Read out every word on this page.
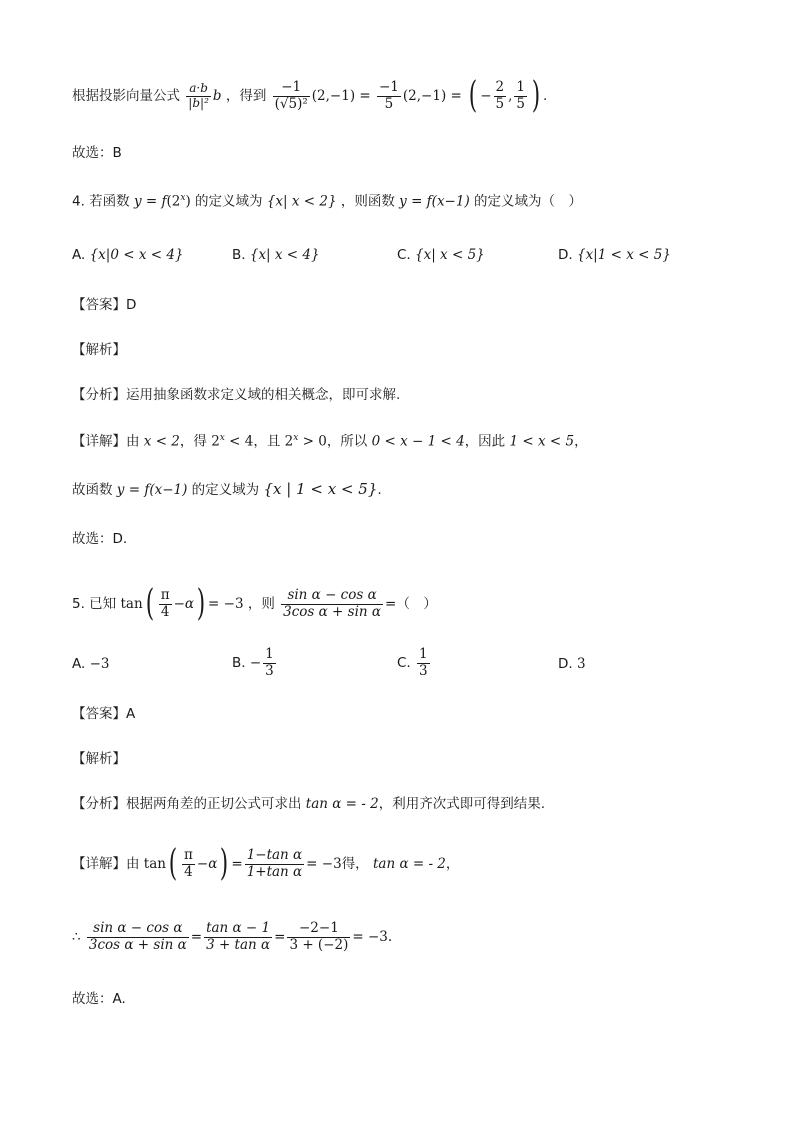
根据投影向量公式 $\frac{a\cdot b}{\text{|b|²}}$ b ，得到 $\frac{-1}{\text{(√5)²}} (2,-1) = \frac{-1}{5} (2,-1)$ = ( − $\frac{2}{5}$ , $\frac{1}{5}$ ) .
故选：B
4. 若函数 $y = f(2^x)$ 的定义域为 {x| x < 2} ，则函数 y = f(x−1) 的定义域为（　）
A. {x|0 < x < 4}	B. {x| x < 4}	C. {x| x < 5}	D. {x|1 < x < 5}
【答案】D
【解析】
【分析】运用抽象函数求定义域的相关概念，即可求解.
【详解】由 x < 2，得 $2^x < 4$，且 $2^x > 0$，所以 0 < x − 1 < 4，因此 1 < x < 5，
故函数 y = f(x−1) 的定义域为 {x | 1 < x < 5}.
故选：D.
5. 已知 $\tan( \frac{\pi}{4} -\alpha) = -3$ ，则 $\frac{\text{sin α − cos α}}{\text{3cos α + sin α}}$ =（　）
A. −3	B. − $\frac{1}{3}$	C. $\frac{1}{3}$	D. 3
【答案】A
【解析】
【分析】根据两角差的正切公式可求出 tan α = - 2，利用齐次式即可得到结果.
【详解】由 $\tan( \frac{\pi}{4} -\alpha) = \frac{\text{1−tan α}}{\text{1+tan α}} = -3$得， tan α = - 2，
∴ $\frac{\text{sin α − cos α}}{\text{3cos α + sin α}} = \frac{\text{tan α − 1}}{\text{3 + tan α}} = \frac{-2-1}{3 + (-2)} = -3$.
故选：A.
